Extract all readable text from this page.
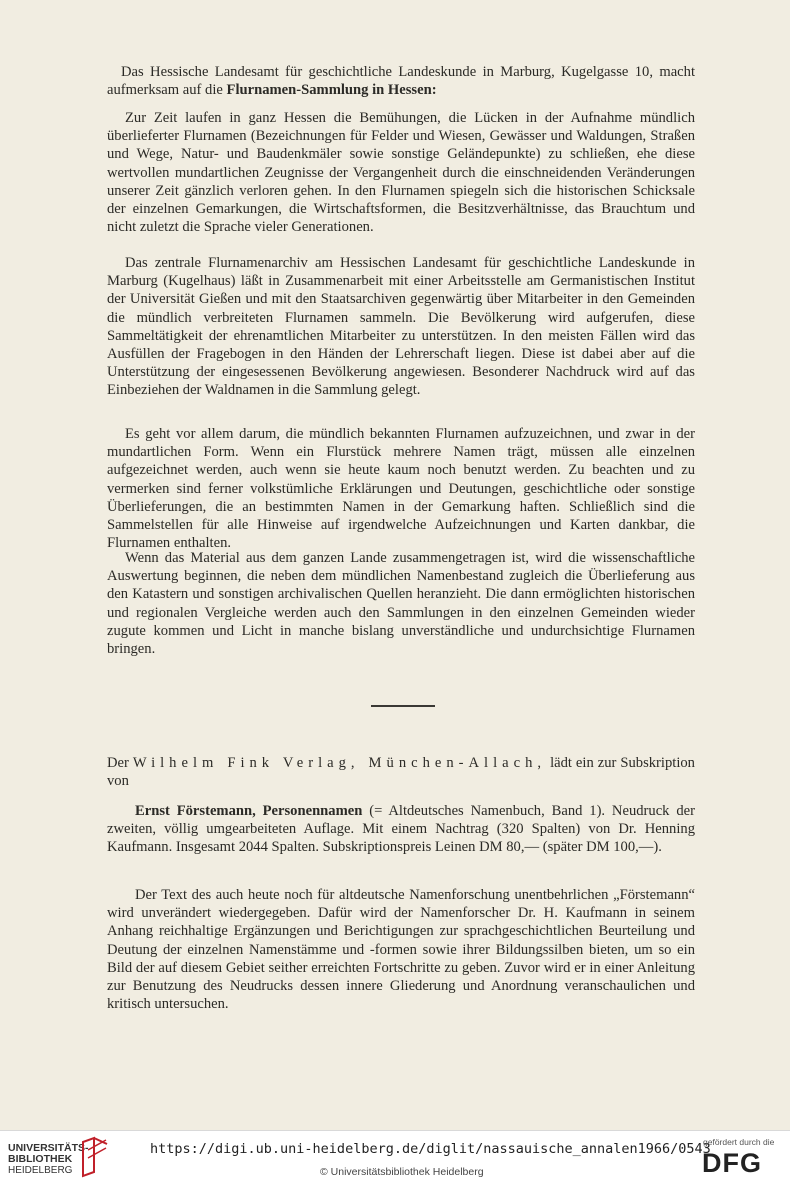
Das Hessische Landesamt für geschichtliche Landeskunde in Marburg, Kugelgasse 10, macht aufmerksam auf die Flurnamen-Sammlung in Hessen:

Zur Zeit laufen in ganz Hessen die Bemühungen, die Lücken in der Aufnahme mündlich überlieferter Flurnamen (Bezeichnungen für Felder und Wiesen, Gewässer und Waldungen, Straßen und Wege, Natur- und Baudenkmäler sowie sonstige Geländepunkte) zu schließen, ehe diese wertvollen mundartlichen Zeugnisse der Vergangenheit durch die einschneidenden Veränderungen unserer Zeit gänzlich verloren gehen. In den Flurnamen spiegeln sich die historischen Schicksale der einzelnen Gemarkungen, die Wirtschaftsformen, die Besitzverhältnisse, das Brauchtum und nicht zuletzt die Sprache vieler Generationen.

Das zentrale Flurnamenarchiv am Hessischen Landesamt für geschichtliche Landeskunde in Marburg (Kugelhaus) läßt in Zusammenarbeit mit einer Arbeitsstelle am Germanistischen Institut der Universität Gießen und mit den Staatsarchiven gegenwärtig über Mitarbeiter in den Gemeinden die mündlich verbreiteten Flurnamen sammeln. Die Bevölkerung wird aufgerufen, diese Sammeltätigkeit der ehrenamtlichen Mitarbeiter zu unterstützen. In den meisten Fällen wird das Ausfüllen der Fragebogen in den Händen der Lehrerschaft liegen. Diese ist dabei aber auf die Unterstützung der eingesessenen Bevölkerung angewiesen. Besonderer Nachdruck wird auf das Einbeziehen der Waldnamen in die Sammlung gelegt.

Es geht vor allem darum, die mündlich bekannten Flurnamen aufzuzeichnen, und zwar in der mundartlichen Form. Wenn ein Flurstück mehrere Namen trägt, müssen alle einzelnen aufgezeichnet werden, auch wenn sie heute kaum noch benutzt werden. Zu beachten und zu vermerken sind ferner volkstümliche Erklärungen und Deutungen, geschichtliche oder sonstige Überlieferungen, die an bestimmten Namen in der Gemarkung haften. Schließlich sind die Sammelstellen für alle Hinweise auf irgendwelche Aufzeichnungen und Karten dankbar, die Flurnamen enthalten.

Wenn das Material aus dem ganzen Lande zusammengetragen ist, wird die wissenschaftliche Auswertung beginnen, die neben dem mündlichen Namenbestand zugleich die Überlieferung aus den Katastern und sonstigen archivalischen Quellen heranzieht. Die dann ermöglichten historischen und regionalen Vergleiche werden auch den Sammlungen in den einzelnen Gemeinden wieder zugute kommen und Licht in manche bislang unverständliche und undurchsichtige Flurnamen bringen.

Der Wilhelm Fink Verlag, München-Allach, lädt ein zur Subskription von

Ernst Förstemann, Personennamen (= Altdeutsches Namenbuch, Band 1). Neudruck der zweiten, völlig umgearbeiteten Auflage. Mit einem Nachtrag (320 Spalten) von Dr. Henning Kaufmann. Insgesamt 2044 Spalten. Subskriptionspreis Leinen DM 80,— (später DM 100,—).

Der Text des auch heute noch für altdeutsche Namenforschung unentbehrlichen „Förstemann“ wird unverändert wiedergegeben. Dafür wird der Namenforscher Dr. H. Kaufmann in seinem Anhang reichhaltige Ergänzungen und Berichtigungen zur sprachgeschichtlichen Beurteilung und Deutung der einzelnen Namenstämme und -formen sowie ihrer Bildungssilben bieten, um so ein Bild der auf diesem Gebiet seither erreichten Fortschritte zu geben. Zuvor wird er in einer Anleitung zur Benutzung des Neudrucks dessen innere Gliederung und Anordnung veranschaulichen und kritisch untersuchen.

UNIVERSITÄTS-
BIBLIOTHEK
HEIDELBERG
https://digi.ub.uni-heidelberg.de/diglit/nassauische_annalen1966/0543
© Universitätsbibliothek Heidelberg
gefördert durch die
DFG
